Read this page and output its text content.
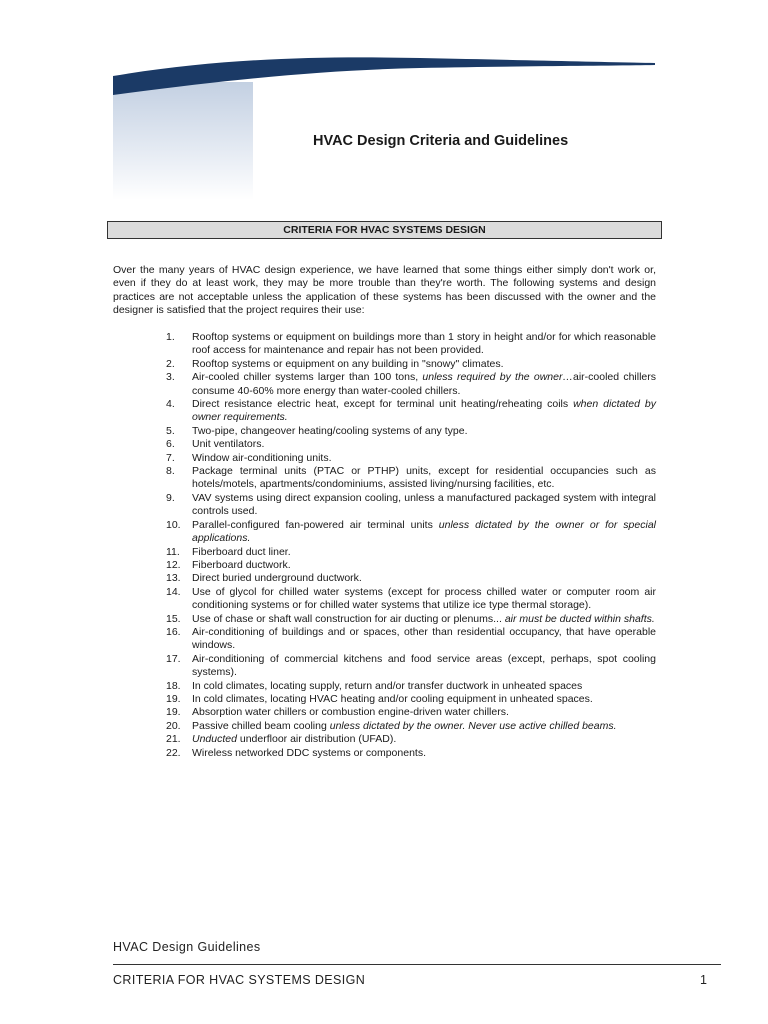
HVAC Design Criteria and Guidelines
CRITERIA FOR HVAC SYSTEMS DESIGN

Over the many years of HVAC design experience, we have learned that some things either simply don't work or, even if they do at least work, they may be more trouble than they're worth. The following systems and design practices are not acceptable unless the application of these systems has been discussed with the owner and the designer is satisfied that the project requires their use:

1. Rooftop systems or equipment on buildings more than 1 story in height and/or for which reasonable roof access for maintenance and repair has not been provided.
2. Rooftop systems or equipment on any building in "snowy" climates.
3. Air-cooled chiller systems larger than 100 tons, unless required by the owner…air-cooled chillers consume 40-60% more energy than water-cooled chillers.
4. Direct resistance electric heat, except for terminal unit heating/reheating coils when dictated by owner requirements.
5. Two-pipe, changeover heating/cooling systems of any type.
6. Unit ventilators.
7. Window air-conditioning units.
8. Package terminal units (PTAC or PTHP) units, except for residential occupancies such as hotels/motels, apartments/condominiums, assisted living/nursing facilities, etc.
9. VAV systems using direct expansion cooling, unless a manufactured packaged system with integral controls used.
10. Parallel-configured fan-powered air terminal units unless dictated by the owner or for special applications.
11. Fiberboard duct liner.
12. Fiberboard ductwork.
13. Direct buried underground ductwork.
14. Use of glycol for chilled water systems (except for process chilled water or computer room air conditioning systems or for chilled water systems that utilize ice type thermal storage).
15. Use of chase or shaft wall construction for air ducting or plenums... air must be ducted within shafts.
16. Air-conditioning of buildings and or spaces, other than residential occupancy, that have operable windows.
17. Air-conditioning of commercial kitchens and food service areas (except, perhaps, spot cooling systems).
18. In cold climates, locating supply, return and/or transfer ductwork in unheated spaces
19. In cold climates, locating HVAC heating and/or cooling equipment in unheated spaces.
19. Absorption water chillers or combustion engine-driven water chillers.
20. Passive chilled beam cooling unless dictated by the owner. Never use active chilled beams.
21. Unducted underfloor air distribution (UFAD).
22. Wireless networked DDC systems or components.
HVAC Design Guidelines
CRITERIA FOR HVAC SYSTEMS DESIGN	1
